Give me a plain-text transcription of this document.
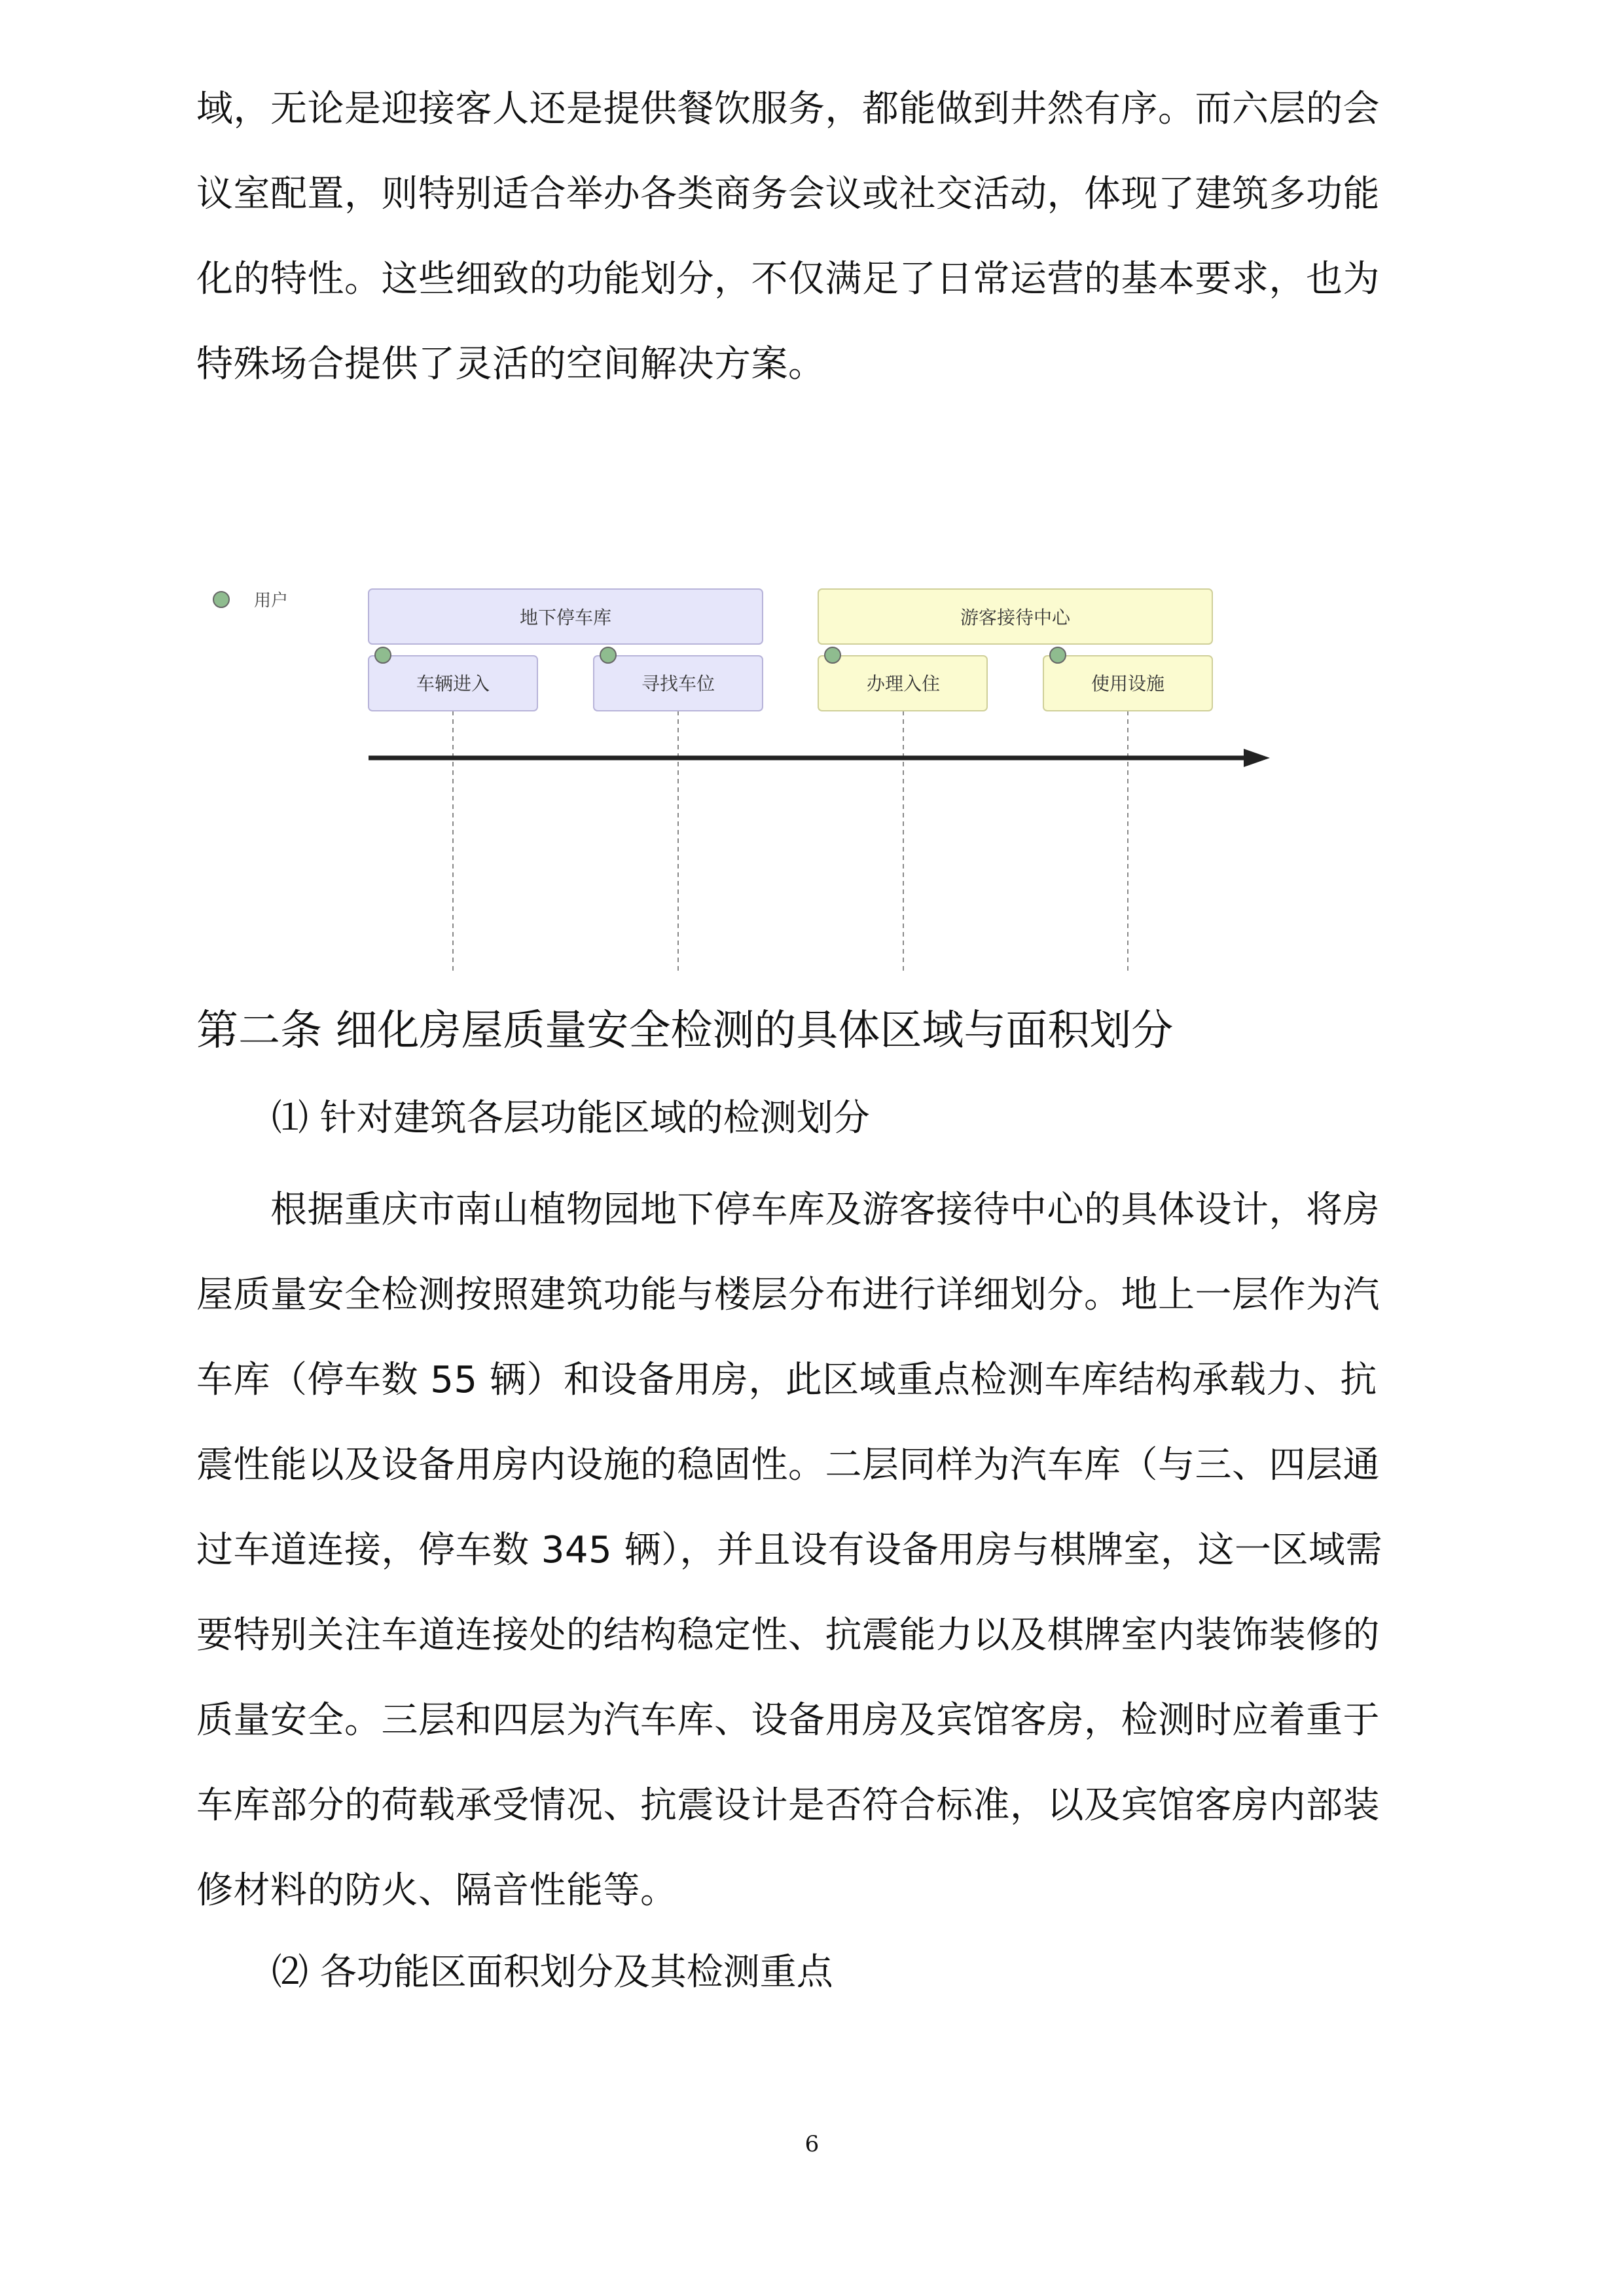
域，无论是迎接客人还是提供餐饮服务，都能做到井然有序。而六层的会
议室配置，则特别适合举办各类商务会议或社交活动，体现了建筑多功能
化的特性。这些细致的功能划分，不仅满足了日常运营的基本要求，也为
特殊场合提供了灵活的空间解决方案。
用户
地下停车库	游客接待中心
车辆进入	寻找车位	办理入住	使用设施
第二条 细化房屋质量安全检测的具体区域与面积划分

⑴ 针对建筑各层功能区域的检测划分

　　根据重庆市南山植物园地下停车库及游客接待中心的具体设计，将房
屋质量安全检测按照建筑功能与楼层分布进行详细划分。地上一层作为汽
车库（停车数 55 辆）和设备用房，此区域重点检测车库结构承载力、抗
震性能以及设备用房内设施的稳固性。二层同样为汽车库（与三、四层通
过车道连接，停车数 345 辆），并且设有设备用房与棋牌室，这一区域需
要特别关注车道连接处的结构稳定性、抗震能力以及棋牌室内装饰装修的
质量安全。三层和四层为汽车库、设备用房及宾馆客房，检测时应着重于
车库部分的荷载承受情况、抗震设计是否符合标准，以及宾馆客房内部装
修材料的防火、隔音性能等。

⑵ 各功能区面积划分及其检测重点

6
